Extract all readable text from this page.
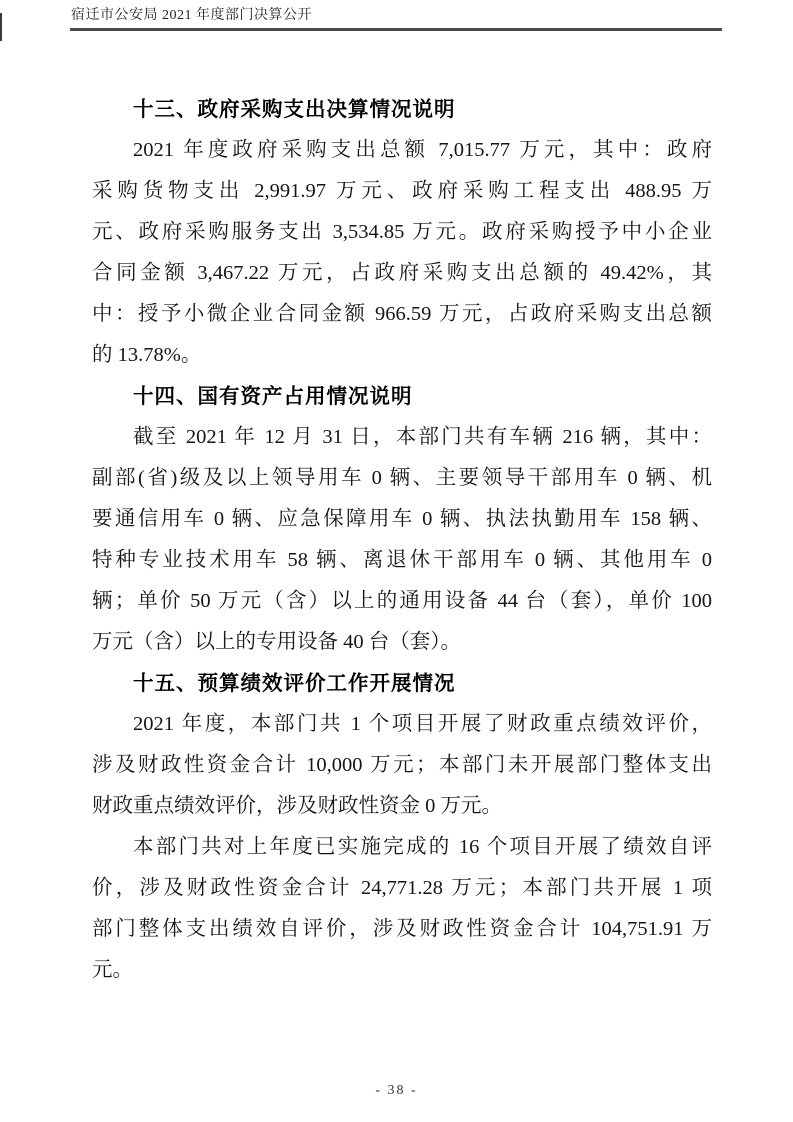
宿迁市公安局 2021 年度部门决算公开
十三、政府采购支出决算情况说明
2021 年度政府采购支出总额 7,015.77 万元，其中：政府
采购货物支出 2,991.97 万元、政府采购工程支出 488.95 万
元、政府采购服务支出 3,534.85 万元。政府采购授予中小企业
合同金额 3,467.22 万元，占政府采购支出总额的 49.42%，其
中：授予小微企业合同金额 966.59 万元，占政府采购支出总额
的 13.78%。
十四、国有资产占用情况说明
截至 2021 年 12 月 31 日，本部门共有车辆 216 辆，其中：
副部(省)级及以上领导用车 0 辆、主要领导干部用车 0 辆、机
要通信用车 0 辆、应急保障用车 0 辆、执法执勤用车 158 辆、
特种专业技术用车 58 辆、离退休干部用车 0 辆、其他用车 0
辆；单价 50 万元（含）以上的通用设备 44 台（套），单价 100
万元（含）以上的专用设备 40 台（套）。
十五、预算绩效评价工作开展情况
2021 年度，本部门共 1 个项目开展了财政重点绩效评价，
涉及财政性资金合计 10,000 万元；本部门未开展部门整体支出
财政重点绩效评价，涉及财政性资金 0 万元。
本部门共对上年度已实施完成的 16 个项目开展了绩效自评
价，涉及财政性资金合计 24,771.28 万元；本部门共开展 1 项
部门整体支出绩效自评价，涉及财政性资金合计 104,751.91 万
元。
- 38 -
